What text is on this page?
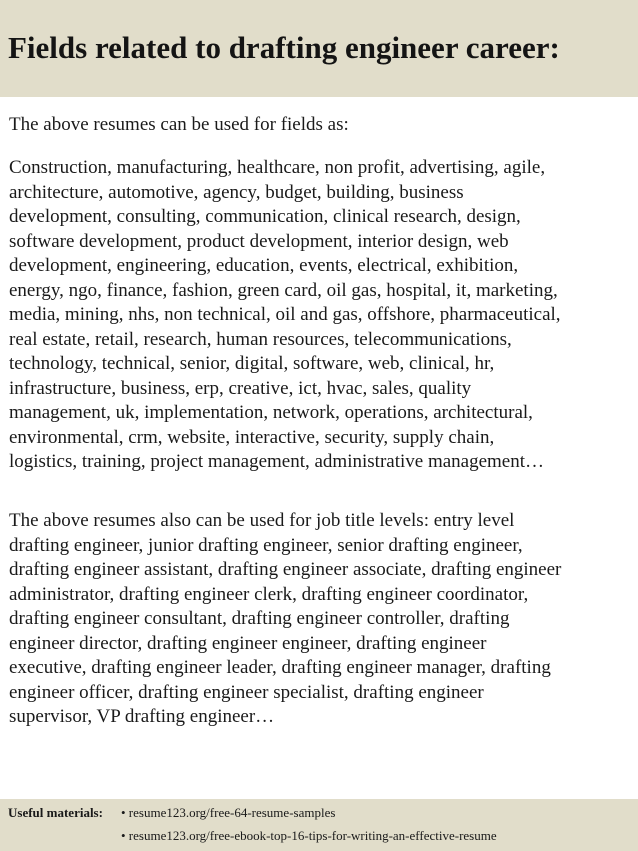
Fields related to drafting engineer career:

The above resumes can be used for fields as:

Construction, manufacturing, healthcare, non profit, advertising, agile,
architecture, automotive, agency, budget, building, business
development, consulting, communication, clinical research, design,
software development, product development, interior design, web
development, engineering, education, events, electrical, exhibition,
energy, ngo, finance, fashion, green card, oil gas, hospital, it, marketing,
media, mining, nhs, non technical, oil and gas, offshore, pharmaceutical,
real estate, retail, research, human resources, telecommunications,
technology, technical, senior, digital, software, web, clinical, hr,
infrastructure, business, erp, creative, ict, hvac, sales, quality
management, uk, implementation, network, operations, architectural,
environmental, crm, website, interactive, security, supply chain,
logistics, training, project management, administrative management…
The above resumes also can be used for job title levels: entry level
drafting engineer, junior drafting engineer, senior drafting engineer,
drafting engineer assistant, drafting engineer associate, drafting engineer
administrator, drafting engineer clerk, drafting engineer coordinator,
drafting engineer consultant, drafting engineer controller, drafting
engineer director, drafting engineer engineer, drafting engineer
executive, drafting engineer leader, drafting engineer manager, drafting
engineer officer, drafting engineer specialist, drafting engineer
supervisor, VP drafting engineer…
Useful materials: • resume123.org/free-64-resume-samples
• resume123.org/free-ebook-top-16-tips-for-writing-an-effective-resume
